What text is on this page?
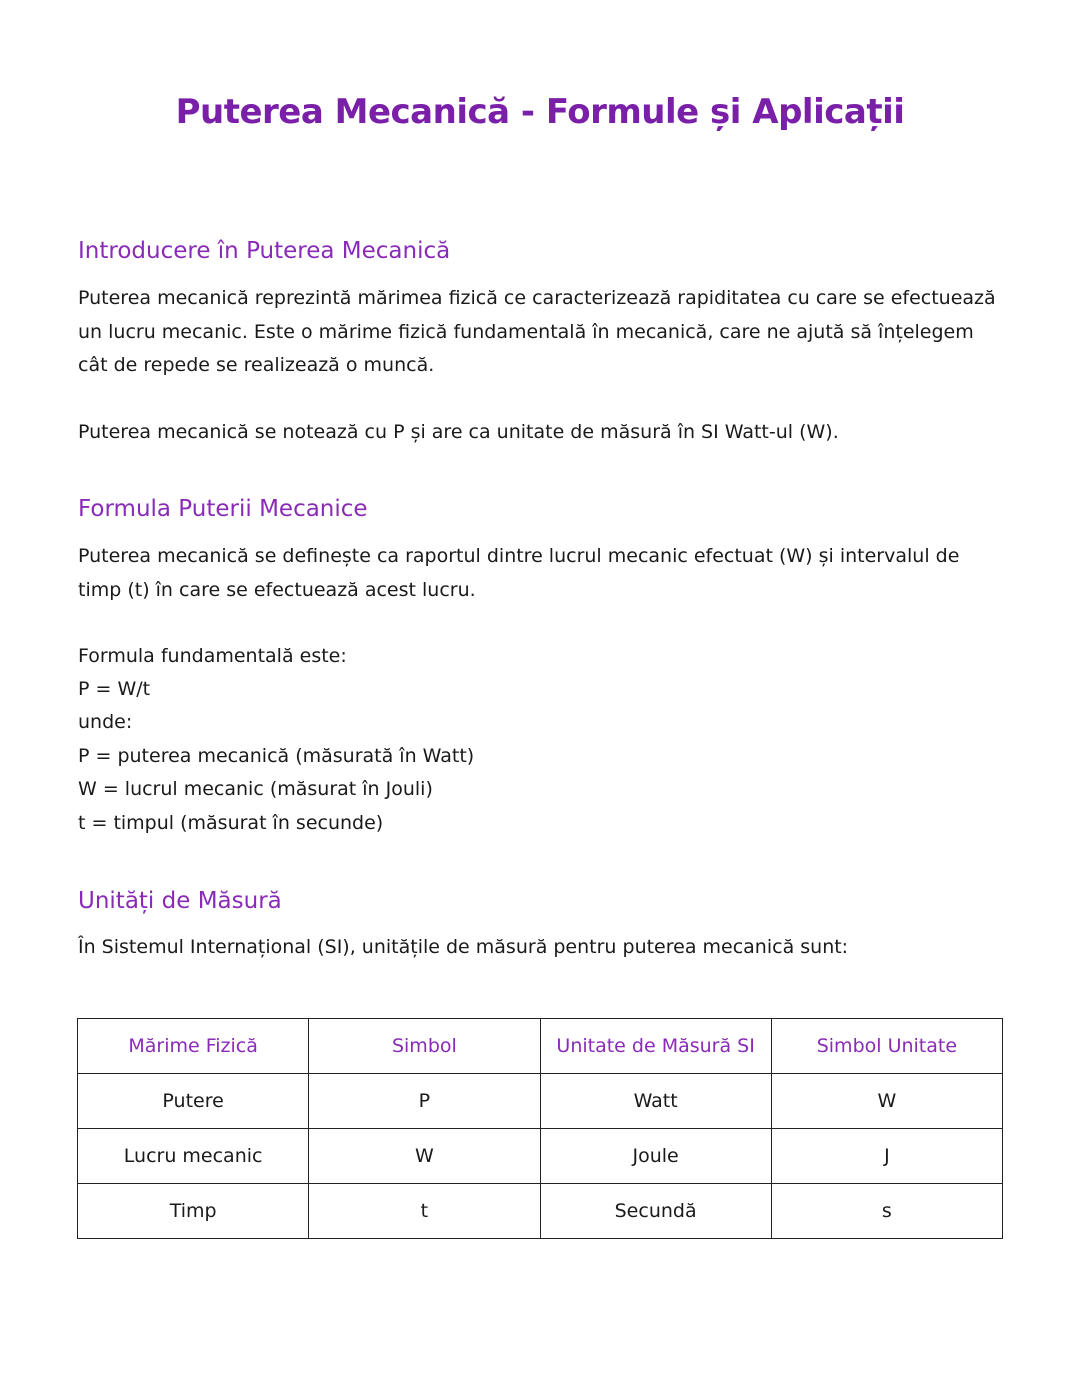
Puterea Mecanică - Formule și Aplicații
Introducere în Puterea Mecanică
Puterea mecanică reprezintă mărimea fizică ce caracterizează rapiditatea cu care se efectuează un lucru mecanic. Este o mărime fizică fundamentală în mecanică, care ne ajută să înțelegem cât de repede se realizează o muncă.
Puterea mecanică se notează cu P și are ca unitate de măsură în SI Watt-ul (W).
Formula Puterii Mecanice
Puterea mecanică se definește ca raportul dintre lucrul mecanic efectuat (W) și intervalul de timp (t) în care se efectuează acest lucru.
Formula fundamentală este:
P = W/t
unde:
P = puterea mecanică (măsurată în Watt)
W = lucrul mecanic (măsurat în Jouli)
t = timpul (măsurat în secunde)
Unități de Măsură
În Sistemul Internațional (SI), unitățile de măsură pentru puterea mecanică sunt:
Mărime Fizică	Simbol	Unitate de Măsură SI	Simbol Unitate
Putere	P	Watt	W
Lucru mecanic	W	Joule	J
Timp	t	Secundă	s
